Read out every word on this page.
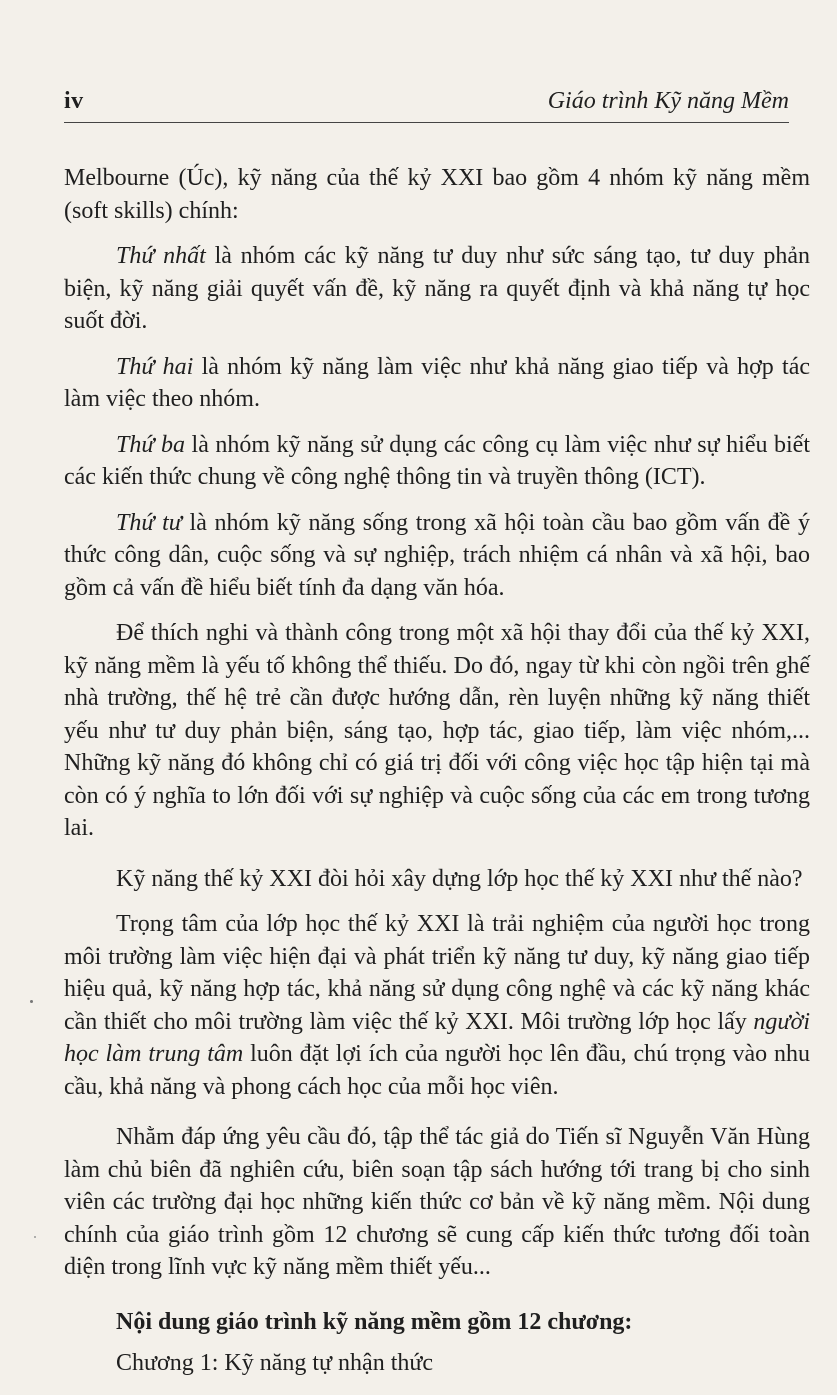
iv	Giáo trình Kỹ năng Mềm

Melbourne (Úc), kỹ năng của thế kỷ XXI bao gồm 4 nhóm kỹ năng mềm (soft skills) chính:

Thứ nhất là nhóm các kỹ năng tư duy như sức sáng tạo, tư duy phản biện, kỹ năng giải quyết vấn đề, kỹ năng ra quyết định và khả năng tự học suốt đời.

Thứ hai là nhóm kỹ năng làm việc như khả năng giao tiếp và hợp tác làm việc theo nhóm.

Thứ ba là nhóm kỹ năng sử dụng các công cụ làm việc như sự hiểu biết các kiến thức chung về công nghệ thông tin và truyền thông (ICT).

Thứ tư là nhóm kỹ năng sống trong xã hội toàn cầu bao gồm vấn đề ý thức công dân, cuộc sống và sự nghiệp, trách nhiệm cá nhân và xã hội, bao gồm cả vấn đề hiểu biết tính đa dạng văn hóa.

Để thích nghi và thành công trong một xã hội thay đổi của thế kỷ XXI, kỹ năng mềm là yếu tố không thể thiếu. Do đó, ngay từ khi còn ngồi trên ghế nhà trường, thế hệ trẻ cần được hướng dẫn, rèn luyện những kỹ năng thiết yếu như tư duy phản biện, sáng tạo, hợp tác, giao tiếp, làm việc nhóm,... Những kỹ năng đó không chỉ có giá trị đối với công việc học tập hiện tại mà còn có ý nghĩa to lớn đối với sự nghiệp và cuộc sống của các em trong tương lai.

Kỹ năng thế kỷ XXI đòi hỏi xây dựng lớp học thế kỷ XXI như thế nào?

Trọng tâm của lớp học thế kỷ XXI là trải nghiệm của người học trong môi trường làm việc hiện đại và phát triển kỹ năng tư duy, kỹ năng giao tiếp hiệu quả, kỹ năng hợp tác, khả năng sử dụng công nghệ và các kỹ năng khác cần thiết cho môi trường làm việc thế kỷ XXI. Môi trường lớp học lấy người học làm trung tâm luôn đặt lợi ích của người học lên đầu, chú trọng vào nhu cầu, khả năng và phong cách học của mỗi học viên.

Nhằm đáp ứng yêu cầu đó, tập thể tác giả do Tiến sĩ Nguyễn Văn Hùng làm chủ biên đã nghiên cứu, biên soạn tập sách hướng tới trang bị cho sinh viên các trường đại học những kiến thức cơ bản về kỹ năng mềm. Nội dung chính của giáo trình gồm 12 chương sẽ cung cấp kiến thức tương đối toàn diện trong lĩnh vực kỹ năng mềm thiết yếu...

Nội dung giáo trình kỹ năng mềm gồm 12 chương:

Chương 1: Kỹ năng tự nhận thức
